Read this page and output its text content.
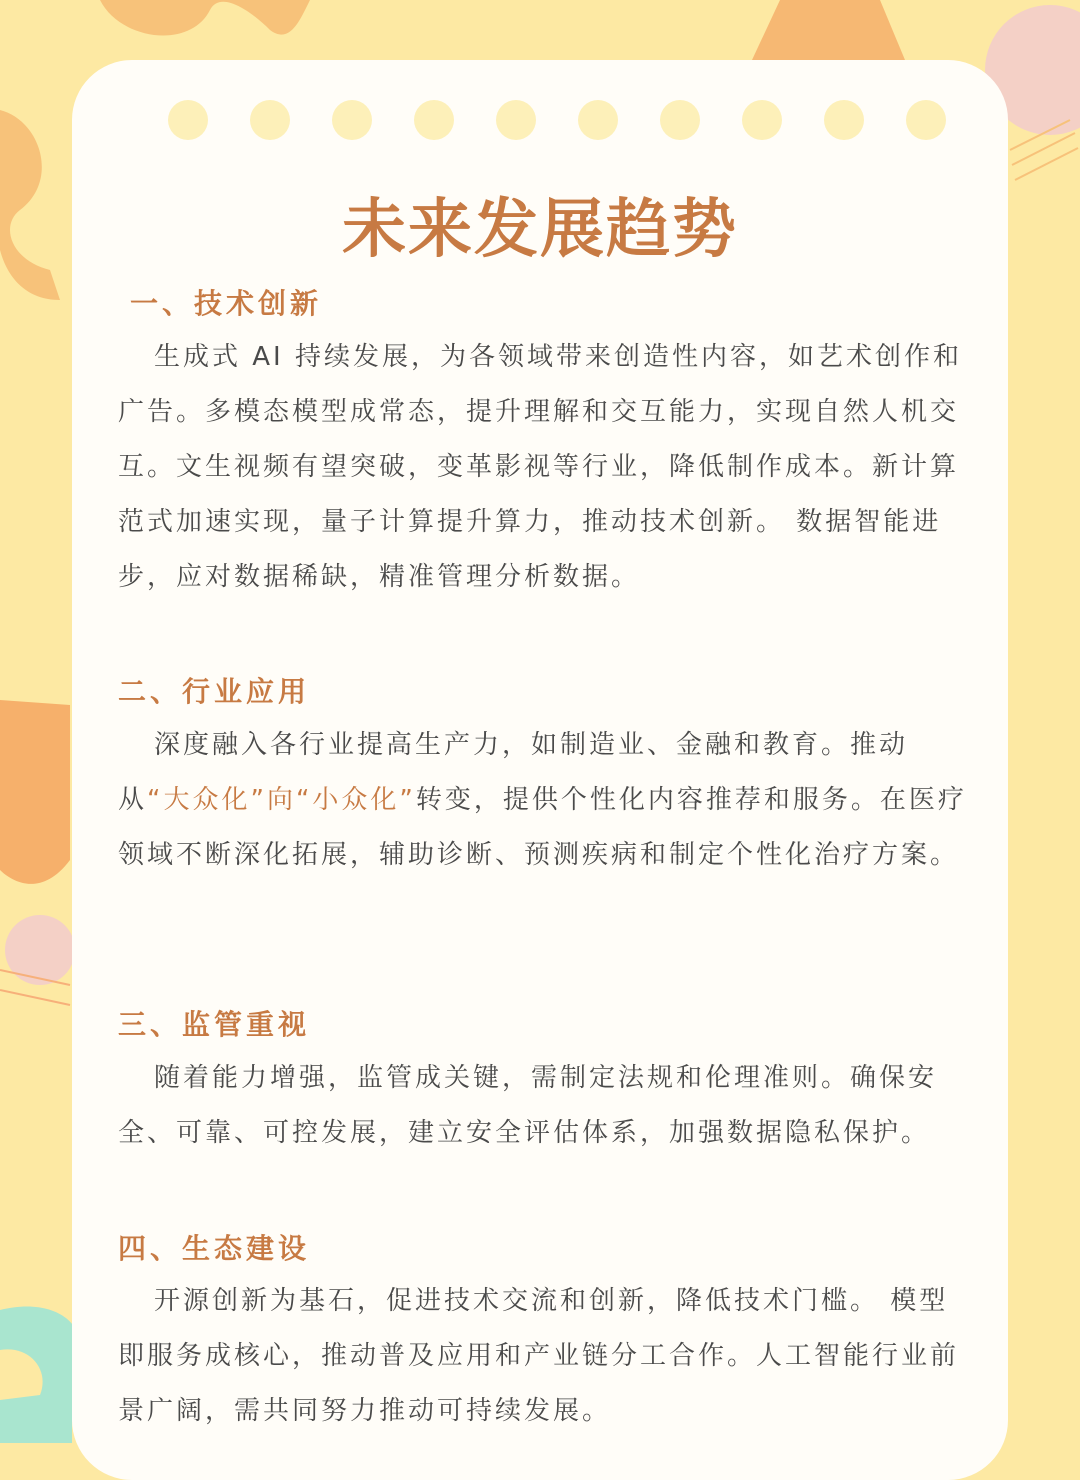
未来发展趋势
一、技术创新

生成式 AI 持续发展，为各领域带来创造性内容，如艺术创作和广告。多模态模型成常态，提升理解和交互能力，实现自然人机交互。文生视频有望突破，变革影视等行业，降低制作成本。新计算范式加速实现，量子计算提升算力，推动技术创新。 数据智能进步，应对数据稀缺，精准管理分析数据。

二、行业应用

深度融入各行业提高生产力，如制造业、金融和教育。推动从“大众化”向“小众化”转变，提供个性化内容推荐和服务。在医疗领域不断深化拓展，辅助诊断、预测疾病和制定个性化治疗方案。

三、监管重视

随着能力增强，监管成关键，需制定法规和伦理准则。确保安全、可靠、可控发展，建立安全评估体系，加强数据隐私保护。

四、生态建设

开源创新为基石，促进技术交流和创新，降低技术门槛。 模型即服务成核心，推动普及应用和产业链分工合作。人工智能行业前景广阔，需共同努力推动可持续发展。
